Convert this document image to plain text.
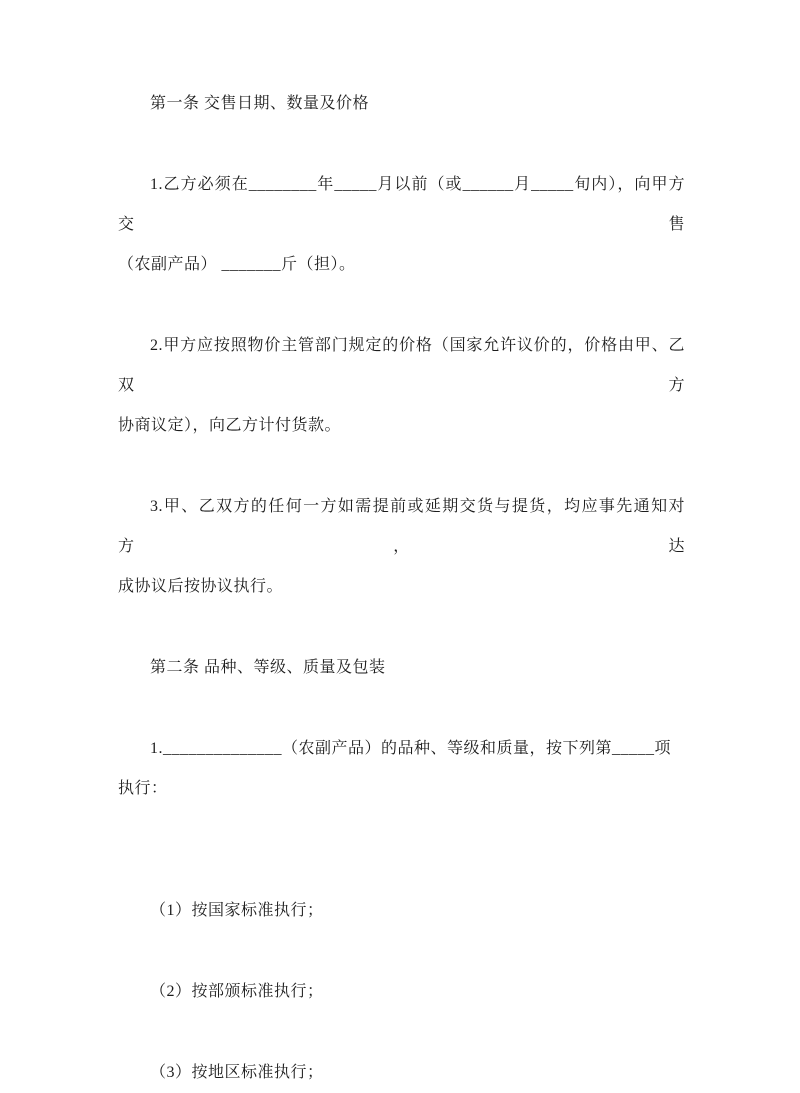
第一条 交售日期、数量及价格
1.乙方必须在________年_____月以前（或______月_____旬内），向甲方交售
（农副产品） _______斤（担）。
2.甲方应按照物价主管部门规定的价格（国家允许议价的，价格由甲、乙双方
协商议定），向乙方计付货款。
3.甲、乙双方的任何一方如需提前或延期交货与提货，均应事先通知对方，达
成协议后按协议执行。
第二条 品种、等级、质量及包装
1.______________（农副产品）的品种、等级和质量，按下列第_____项执行：
（1）按国家标准执行；
（2）按部颁标准执行；
（3）按地区标准执行；
